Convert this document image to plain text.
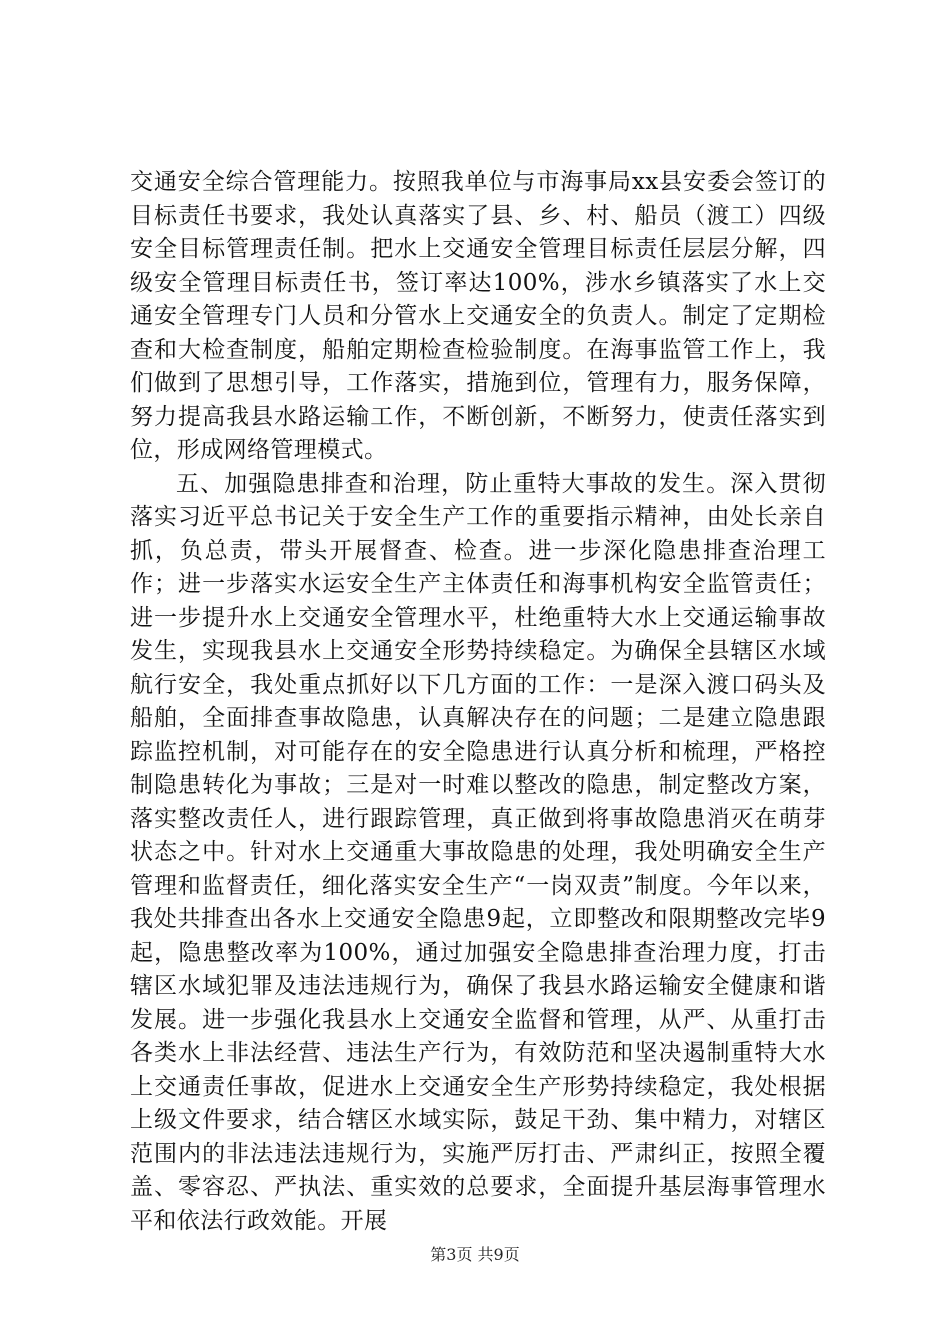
交通安全综合管理能力。按照我单位与市海事局xx县安委会签订的目标责任书要求，我处认真落实了县、乡、村、船员（渡工）四级安全目标管理责任制。把水上交通安全管理目标责任层层分解，四级安全管理目标责任书，签订率达100%，涉水乡镇落实了水上交通安全管理专门人员和分管水上交通安全的负责人。制定了定期检查和大检查制度，船舶定期检查检验制度。在海事监管工作上，我们做到了思想引导，工作落实，措施到位，管理有力，服务保障，努力提高我县水路运输工作，不断创新，不断努力，使责任落实到位，形成网络管理模式。

五、加强隐患排查和治理，防止重特大事故的发生。深入贯彻落实习近平总书记关于安全生产工作的重要指示精神，由处长亲自抓，负总责，带头开展督查、检查。进一步深化隐患排查治理工作；进一步落实水运安全生产主体责任和海事机构安全监管责任；进一步提升水上交通安全管理水平，杜绝重特大水上交通运输事故发生，实现我县水上交通安全形势持续稳定。为确保全县辖区水域航行安全，我处重点抓好以下几方面的工作：一是深入渡口码头及船舶，全面排查事故隐患，认真解决存在的问题；二是建立隐患跟踪监控机制，对可能存在的安全隐患进行认真分析和梳理，严格控制隐患转化为事故；三是对一时难以整改的隐患，制定整改方案，落实整改责任人，进行跟踪管理，真正做到将事故隐患消灭在萌芽状态之中。针对水上交通重大事故隐患的处理，我处明确安全生产管理和监督责任，细化落实安全生产“一岗双责”制度。今年以来，我处共排查出各水上交通安全隐患9起，立即整改和限期整改完毕9起，隐患整改率为100%，通过加强安全隐患排查治理力度，打击辖区水域犯罪及违法违规行为，确保了我县水路运输安全健康和谐发展。进一步强化我县水上交通安全监督和管理，从严、从重打击各类水上非法经营、违法生产行为，有效防范和坚决遏制重特大水上交通责任事故，促进水上交通安全生产形势持续稳定，我处根据上级文件要求，结合辖区水域实际，鼓足干劲、集中精力，对辖区范围内的非法违法违规行为，实施严厉打击、严肃纠正，按照全覆盖、零容忍、严执法、重实效的总要求，全面提升基层海事管理水平和依法行政效能。开展

第3页 共9页
